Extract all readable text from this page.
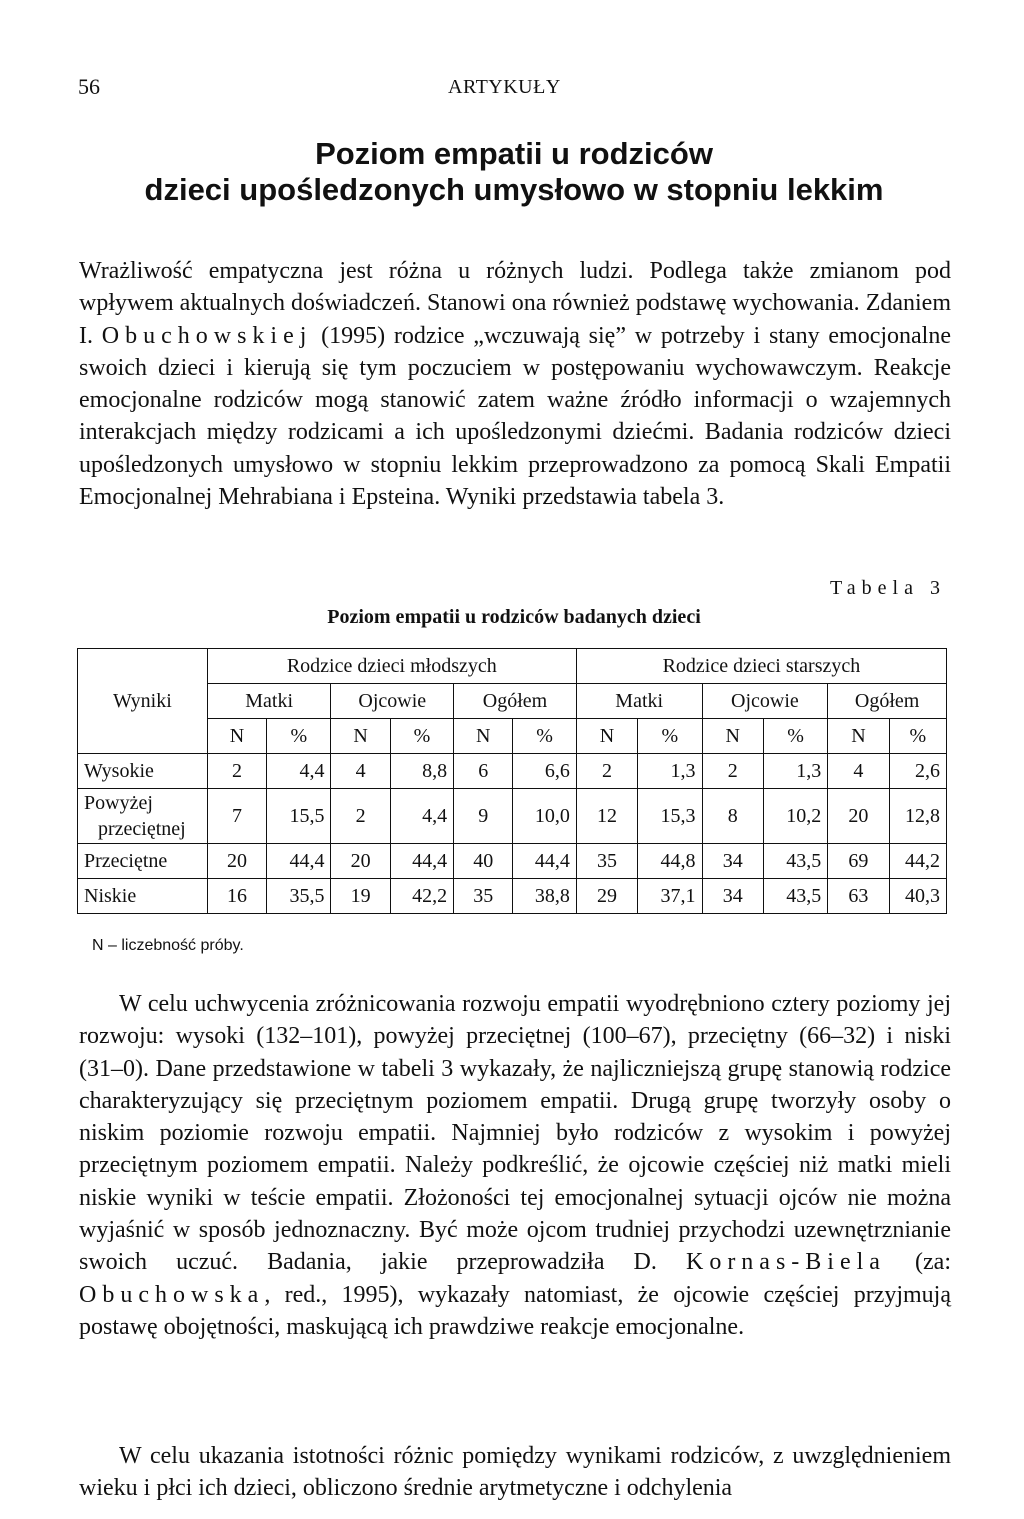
56	ARTYKUŁY
Poziom empatii u rodziców
dzieci upośledzonych umysłowo w stopniu lekkim

Wrażliwość empatyczna jest różna u różnych ludzi. Podlega także zmianom pod wpływem aktualnych doświadczeń. Stanowi ona również podstawę wychowania. Zdaniem I. Obuchowskiej (1995) rodzice „wczuwają się” w potrzeby i stany emocjonalne swoich dzieci i kierują się tym poczuciem w postępowaniu wychowawczym. Reakcje emocjonalne rodziców mogą stanowić zatem ważne źródło informacji o wzajemnych interakcjach między rodzicami a ich upośledzonymi dziećmi. Badania rodziców dzieci upośledzonych umysłowo w stopniu lekkim przeprowadzono za pomocą Skali Empatii Emocjonalnej Mehrabiana i Epsteina. Wyniki przedstawia tabela 3.

Tabela 3
Poziom empatii u rodziców badanych dzieci
Wyniki	Rodzice dzieci młodszych						Rodzice dzieci starszych					
	Matki		Ojcowie		Ogółem		Matki		Ojcowie		Ogółem	
	N	%	N	%	N	%	N	%	N	%	N	%
Wysokie	2	4,4	4	8,8	6	6,6	2	1,3	2	1,3	4	2,6
Powyżej
przeciętnej	7	15,5	2	4,4	9	10,0	12	15,3	8	10,2	20	12,8
Przeciętne	20	44,4	20	44,4	40	44,4	35	44,8	34	43,5	69	44,2
Niskie	16	35,5	19	42,2	35	38,8	29	37,1	34	43,5	63	40,3
N – liczebność próby.

W celu uchwycenia zróżnicowania rozwoju empatii wyodrębniono cztery poziomy jej rozwoju: wysoki (132–101), powyżej przeciętnej (100–67), przeciętny (66–32) i niski (31–0). Dane przedstawione w tabeli 3 wykazały, że najliczniejszą grupę stanowią rodzice charakteryzujący się przeciętnym poziomem empatii. Drugą grupę tworzyły osoby o niskim poziomie rozwoju empatii. Najmniej było rodziców z wysokim i powyżej przeciętnym poziomem empatii. Należy podkreślić, że ojcowie częściej niż matki mieli niskie wyniki w teście empatii. Złożoności tej emocjonalnej sytuacji ojców nie można wyjaśnić w sposób jednoznaczny. Być może ojcom trudniej przychodzi uzewnętrznianie swoich uczuć. Badania, jakie przeprowadziła D. Kornas-Biela (za: Obuchowska, red., 1995), wykazały natomiast, że ojcowie częściej przyjmują postawę obojętności, maskującą ich prawdziwe reakcje emocjonalne.

W celu ukazania istotności różnic pomiędzy wynikami rodziców, z uwzględnieniem wieku i płci ich dzieci, obliczono średnie arytmetyczne i odchylenia
